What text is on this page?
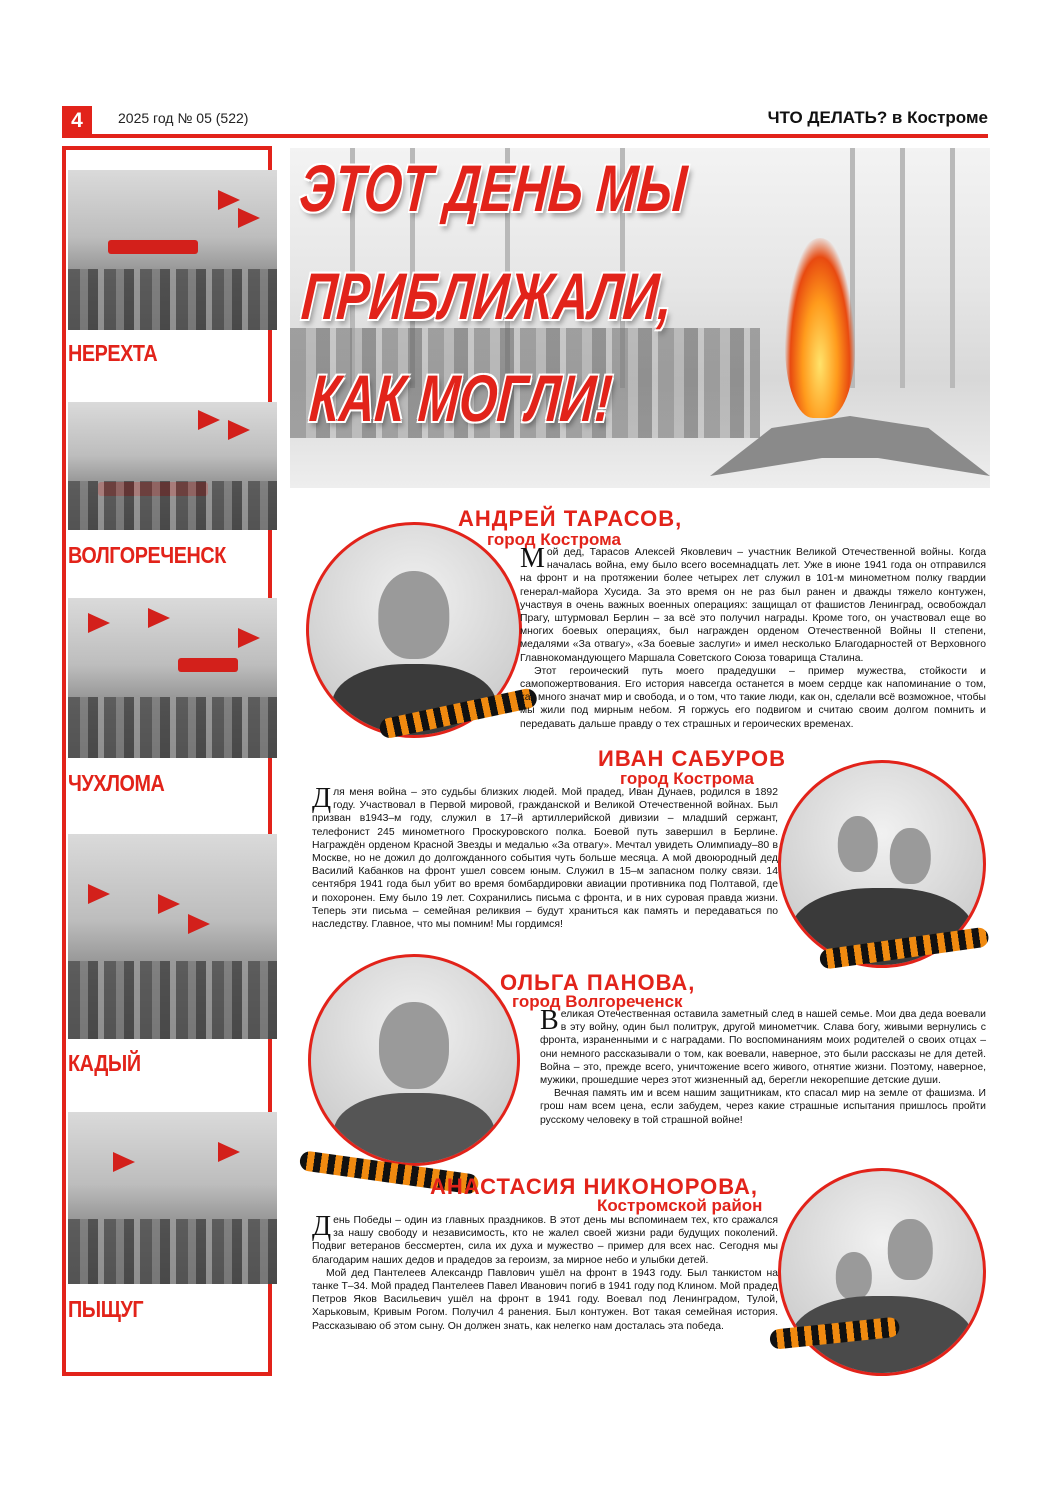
4	2025 год № 05 (522)	ЧТО ДЕЛАТЬ? в Костроме
НЕРЕХТА
ВОЛГОРЕЧЕНСК
ЧУХЛОМА
КАДЫЙ
ПЫЩУГ
ЭТОТ ДЕНЬ МЫ
ПРИБЛИЖАЛИ,
КАК МОГЛИ!
АНДРЕЙ ТАРАСОВ,
город Кострома

Мой дед, Тарасов Алексей Яковлевич – участник Великой Отечественной войны. Когда началась война, ему было всего восемнадцать лет. Уже в июне 1941 года он отправился на фронт и на протяжении более четырех лет служил в 101-м минометном полку гвардии генерал-майора Хусида. За это время он не раз был ранен и дважды тяжело контужен, участвуя в очень важных военных операциях: защищал от фашистов Ленинград, освобождал Прагу, штурмовал Берлин – за всё это получил награды. Кроме того, он участвовал еще во многих боевых операциях, был награжден орденом Отечественной Войны II степени, медалями «За отвагу», «За боевые заслуги» и имел несколько Благодарностей от Верховного Главнокомандующего Маршала Советского Союза товарища Сталина.

Этот героический путь моего прадедушки – пример мужества, стойкости и самопожертвования. Его история навсегда останется в моем сердце как напоминание о том, как много значат мир и свобода, и о том, что такие люди, как он, сделали всё возможное, чтобы мы жили под мирным небом. Я горжусь его подвигом и считаю своим долгом помнить и передавать дальше правду о тех страшных и героических временах.

ИВАН САБУРОВ
город Кострома

Для меня война – это судьбы близких людей. Мой прадед, Иван Дунаев, родился в 1892 году. Участвовал в Первой мировой, гражданской и Великой Отечественной войнах. Был призван в1943–м году, служил в 17–й артиллерийской дивизии – младший сержант, телефонист 245 минометного Проскуровского полка. Боевой путь завершил в Берлине. Награждён орденом Красной Звезды и медалью «За отвагу». Мечтал увидеть Олимпиаду–80 в Москве, но не дожил до долгожданного события чуть больше месяца. А мой двоюродный дед Василий Кабанков на фронт ушел совсем юным. Служил в 15–м запасном полку связи. 14 сентября 1941 года был убит во время бомбардировки авиации противника под Полтавой, где и похоронен. Ему было 19 лет. Сохранились письма с фронта, и в них суровая правда жизни. Теперь эти письма – семейная реликвия – будут храниться как память и передаваться по наследству. Главное, что мы помним! Мы гордимся!

ОЛЬГА ПАНОВА,
город Волгореченск

Великая Отечественная оставила заметный след в нашей семье. Мои два деда воевали в эту войну, один был политрук, другой минометчик. Слава богу, живыми вернулись с фронта, израненными и с наградами. По воспоминаниям моих родителей о своих отцах – они немного рассказывали о том, как воевали, наверное, это были рассказы не для детей. Война – это, прежде всего, уничтожение всего живого, отнятие жизни. Поэтому, наверное, мужики, прошедшие через этот жизненный ад, берегли некорепшие детские души.

Вечная память им и всем нашим защитникам, кто спасал мир на земле от фашизма. И грош нам всем цена, если забудем, через какие страшные испытания пришлось пройти русскому человеку в той страшной войне!

АНАСТАСИЯ НИКОНОРОВА,
Костромской район

День Победы – один из главных праздников. В этот день мы вспоминаем тех, кто сражался за нашу свободу и независимость, кто не жалел своей жизни ради будущих поколений. Подвиг ветеранов бессмертен, сила их духа и мужество – пример для всех нас. Сегодня мы благодарим наших дедов и прадедов за героизм, за мирное небо и улыбки детей.

Мой дед Пантелеев Александр Павлович ушёл на фронт в 1943 году. Был танкистом на танке Т–34. Мой прадед Пантелеев Павел Иванович погиб в 1941 году под Клином. Мой прадед Петров Яков Васильевич ушёл на фронт в 1941 году. Воевал под Ленинградом, Тулой, Харьковым, Кривым Рогом. Получил 4 ранения. Был контужен. Вот такая семейная история. Рассказываю об этом сыну. Он должен знать, как нелегко нам досталась эта победа.
